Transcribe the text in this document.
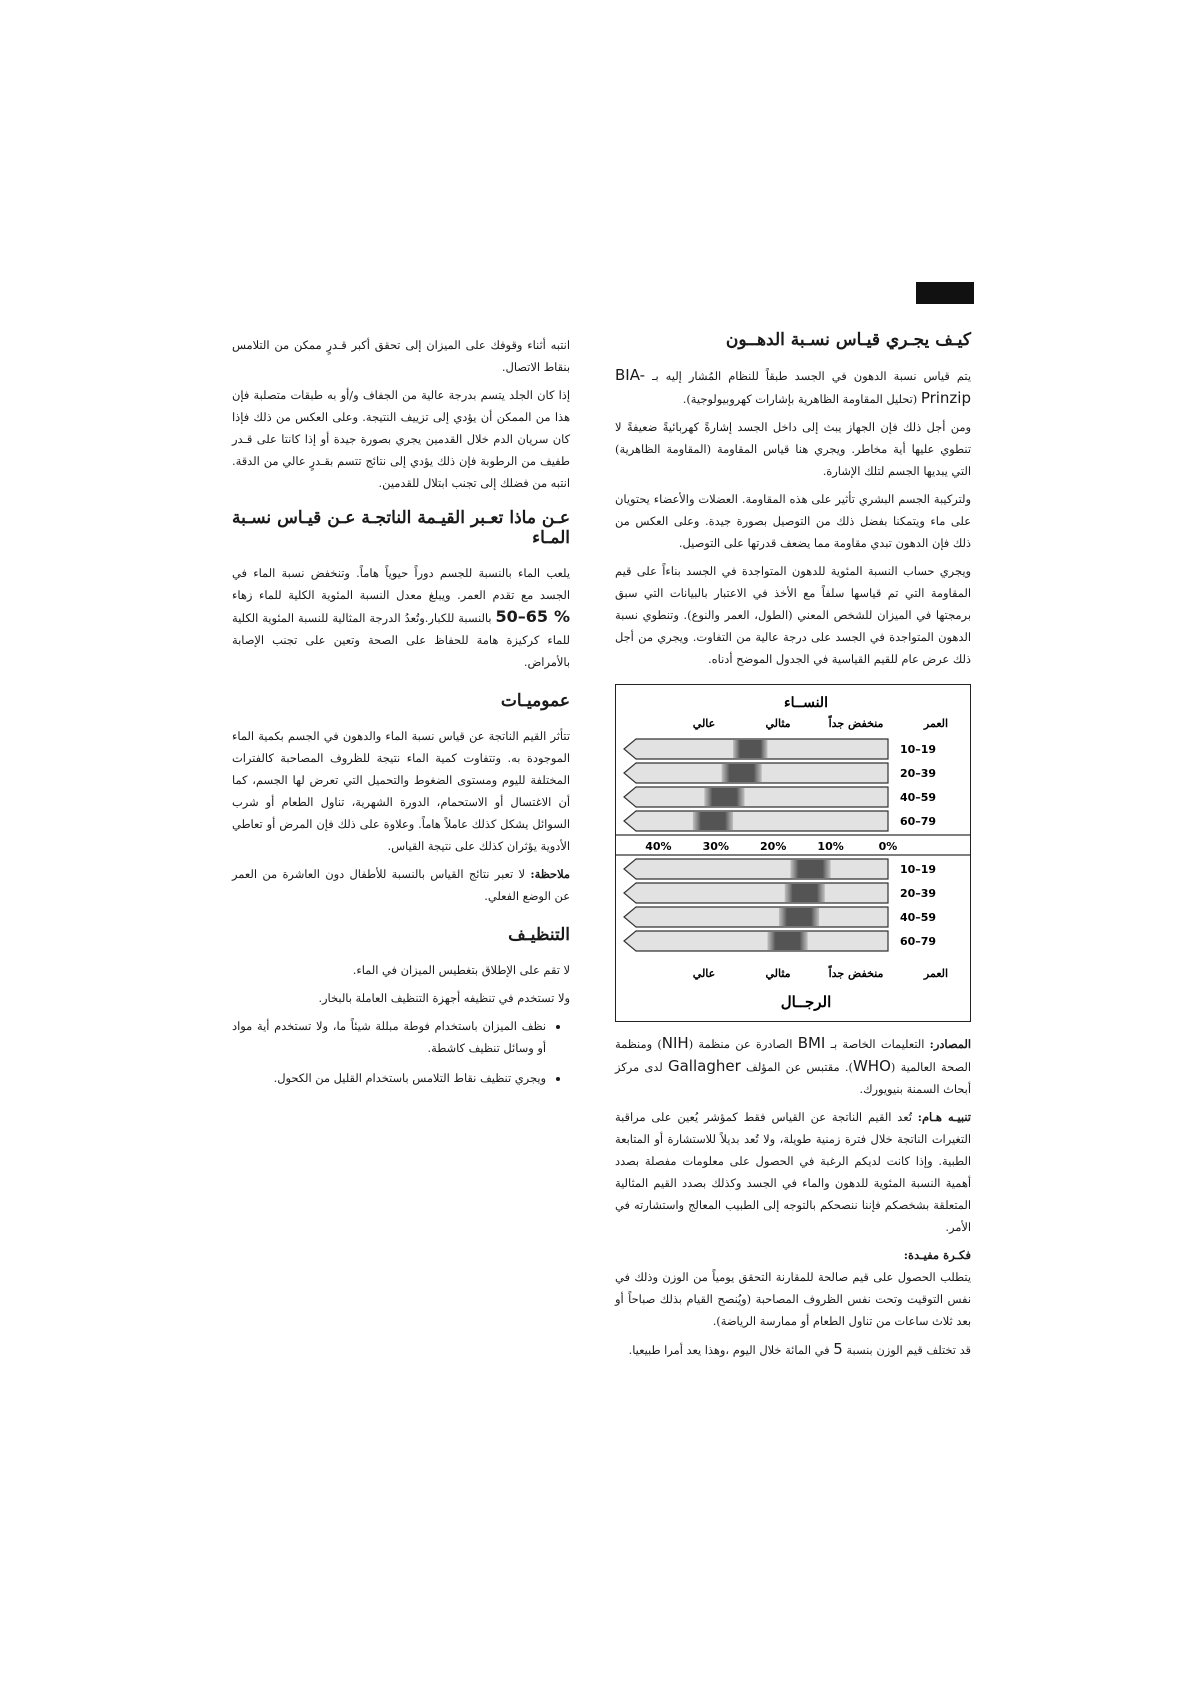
كيـف يجـري قيـاس نسـبة الدهــون

يتم قياس نسبة الدهون في الجسد طبقاً للنظام المُشار إليه بـ BIA-Prinzip (تحليل المقاومة الظاهرية بإشارات كهروبيولوجية).

ومن أجل ذلك فإن الجهاز يبث إلى داخل الجسد إشارةً كهربائيةً ضعيفةً لا تنطوي عليها أية مخاطر. ويجري هنا قياس المقاومة (المقاومة الظاهرية) التي يبديها الجسم لتلك الإشارة.

ولتركيبة الجسم البشري تأثير على هذه المقاومة. العضلات والأعضاء يحتويان على ماء ويتمكنا بفضل ذلك من التوصيل بصورة جيدة. وعلى العكس من ذلك فإن الدهون تبدي مقاومة مما يضعف قدرتها على التوصيل.

ويجري حساب النسبة المئوية للدهون المتواجدة في الجسد بناءاً على قيم المقاومة التي تم قياسها سلفاً مع الأخذ في الاعتبار بالبيانات التي سبق برمجتها في الميزان للشخص المعني (الطول، العمر والنوع). وتنطوي نسبة الدهون المتواجدة في الجسد على درجة عالية من التفاوت. ويجري من أجل ذلك عرض عام للقيم القياسية في الجدول الموضح أدناه.

النســاء
العمر
منخفض جداً
مثالي
عالي
10–19
20–39
40–59
60–79
40%	30%	20%	10%	0%
10–19
20–39
40–59
60–79
العمر
منخفض جداً
مثالي
عالي
الرجــال

المصادر: التعليمات الخاصة بـ BMI الصادرة عن منظمة (NIH) ومنظمة الصحة العالمية (WHO). مقتبس عن المؤلف Gallagher لدى مركز أبحاث السمنة بنيويورك.

تنبيـه هـام: تُعد القيم الناتجة عن القياس فقط كمؤشر يُعين على مراقبة التغيرات الناتجة خلال فترة زمنية طويلة، ولا تُعد بديلاً للاستشارة أو المتابعة الطبية. وإذا كانت لديكم الرغبة في الحصول على معلومات مفصلة بصدد أهمية النسبة المئوية للدهون والماء في الجسد وكذلك بصدد القيم المثالية المتعلقة بشخصكم فإننا ننصحكم بالتوجه إلى الطبيب المعالج واستشارته في الأمر.

فكـرة مفيـدة:

يتطلب الحصول على قيم صالحة للمقارنة التحقق يومياً من الوزن وذلك في نفس التوقيت وتحت نفس الظروف المصاحبة (ويُنصح القيام بذلك صباحاً أو بعد ثلاث ساعات من تناول الطعام أو ممارسة الرياضة).

قد تختلف قيم الوزن بنسبة 5 في المائة خلال اليوم ،وهذا يعد أمرا طبيعيا.

انتبه أثناء وقوفك على الميزان إلى تحقق أكبر قـدرٍ ممكن من التلامس بنقاط الاتصال.

إذا كان الجلد يتسم بدرجة عالية من الجفاف و/أو به طبقات متصلبة فإن هذا من الممكن أن يؤدي إلى تزييف النتيجة. وعلى العكس من ذلك فإذا كان سريان الدم خلال القدمين يجري بصورة جيدة أو إذا كانتا على قـدر طفيف من الرطوبة فإن ذلك يؤدي إلى نتائج تتسم بقـدرٍ عالي من الدقة. انتبه من فضلك إلى تجنب ابتلال للقدمين.

عـن ماذا تعـبر القيـمة الناتجـة عـن قيـاس نسـبة المـاء

يلعب الماء بالنسبة للجسم دوراً حيوياً هاماً. وتنخفض نسبة الماء في الجسد مع تقدم العمر. ويبلغ معدل النسبة المئوية الكلية للماء زهاء 50–65 % بالنسبة للكبار.وتُعدُ الدرجة المثالية للنسبة المئوية الكلية للماء كركيزة هامة للحفاظ على الصحة وتعين على تجنب الإصابة بالأمراض.

عموميـات

تتأثر القيم الناتجة عن قياس نسبة الماء والدهون في الجسم بكمية الماء الموجودة به. وتتفاوت كمية الماء نتيجة للظروف المصاحبة كالفترات المختلفة لليوم ومستوى الضغوط والتحميل التي تعرض لها الجسم، كما أن الاغتسال أو الاستحمام، الدورة الشهرية، تناول الطعام أو شرب السوائل يشكل كذلك عاملاً هاماً. وعلاوة على ذلك فإن المرض أو تعاطي الأدوية يؤثران كذلك على نتيجة القياس.

ملاحظة: لا تعبر نتائج القياس بالنسبة للأطفال دون العاشرة من العمر عن الوضع الفعلي.

التنظيـف

لا تقم على الإطلاق بتغطيس الميزان في الماء.

ولا تستخدم في تنظيفه أجهزة التنظيف العاملة بالبخار.

• نظف الميزان باستخدام فوطة مبللة شيئاً ما، ولا تستخدم أية مواد أو وسائل تنظيف كاشطة.
• ويجري تنظيف نقاط التلامس باستخدام القليل من الكحول.
